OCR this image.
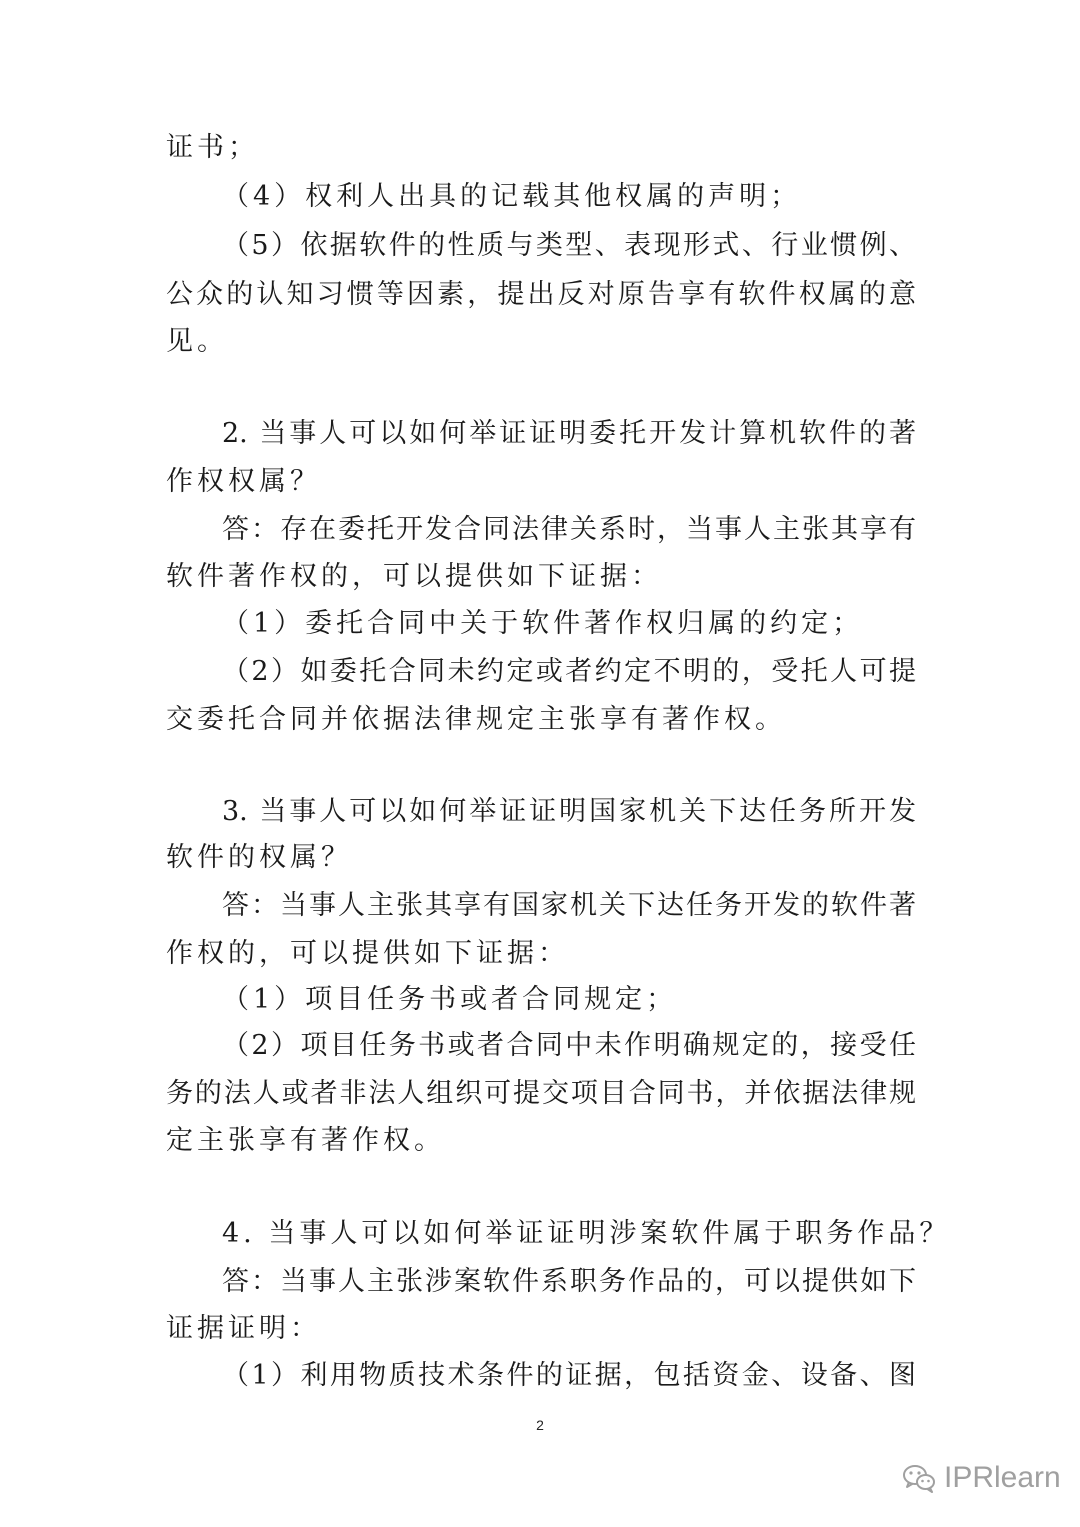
证书；
（4）权利人出具的记载其他权属的声明；
（5）依据软件的性质与类型、表现形式、行业惯例、
公众的认知习惯等因素，提出反对原告享有软件权属的意
见。
2. 当事人可以如何举证证明委托开发计算机软件的著
作权权属？
答：存在委托开发合同法律关系时，当事人主张其享有
软件著作权的，可以提供如下证据：
（1）委托合同中关于软件著作权归属的约定；
（2）如委托合同未约定或者约定不明的，受托人可提
交委托合同并依据法律规定主张享有著作权。
3. 当事人可以如何举证证明国家机关下达任务所开发
软件的权属？
答：当事人主张其享有国家机关下达任务开发的软件著
作权的，可以提供如下证据：
（1）项目任务书或者合同规定；
（2）项目任务书或者合同中未作明确规定的，接受任
务的法人或者非法人组织可提交项目合同书，并依据法律规
定主张享有著作权。
4. 当事人可以如何举证证明涉案软件属于职务作品？
答：当事人主张涉案软件系职务作品的，可以提供如下
证据证明：
（1）利用物质技术条件的证据，包括资金、设备、图
2
IPRlearn
